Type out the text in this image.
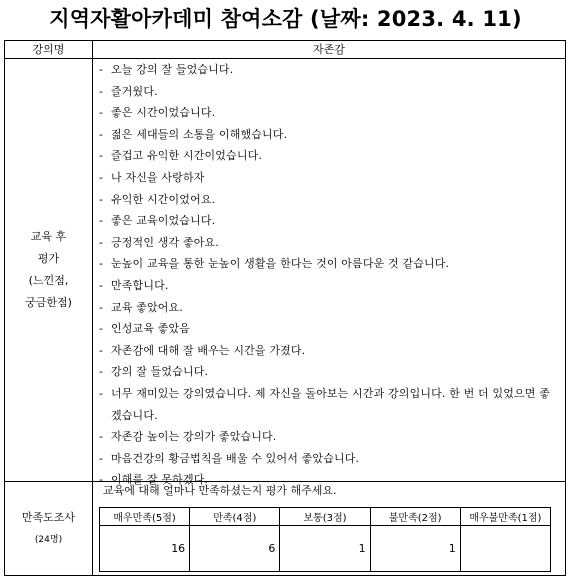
지역자활아카데미 참여소감 (날짜: 2023. 4. 11)
강의명	자존감
교육 후
평가
(느낀점,
궁금한점)
- 오늘 강의 잘 들었습니다.
- 즐거웠다.
- 좋은 시간이었습니다.
- 젊은 세대들의 소통을 이해했습니다.
- 즐겁고 유익한 시간이었습니다.
- 나 자신을 사랑하자
- 유익한 시간이었어요.
- 좋은 교육이었습니다.
- 긍정적인 생각 좋아요.
- 눈높이 교육을 통한 눈높이 생활을 한다는 것이 아름다운 것 같습니다.
- 만족합니다.
- 교육 좋았어요.
- 인성교육 좋았음
- 자존감에 대해 잘 배우는 시간을 가졌다.
- 강의 잘 들었습니다.
- 너무 재미있는 강의였습니다. 제 자신을 돌아보는 시간과 강의입니다. 한 번 더 있었으면 좋겠습니다.
- 자존감 높이는 강의가 좋았습니다.
- 마음건강의 황금법칙을 배울 수 있어서 좋았습니다.
- 이해를 잘 못하겠다.
만족도조사
(24명)
교육에 대해 얼마나 만족하셨는지 평가 해주세요.
매우만족(5점)	만족(4점)	보통(3점)	불만족(2점)	매우불만족(1점)
16	6	1	1	
